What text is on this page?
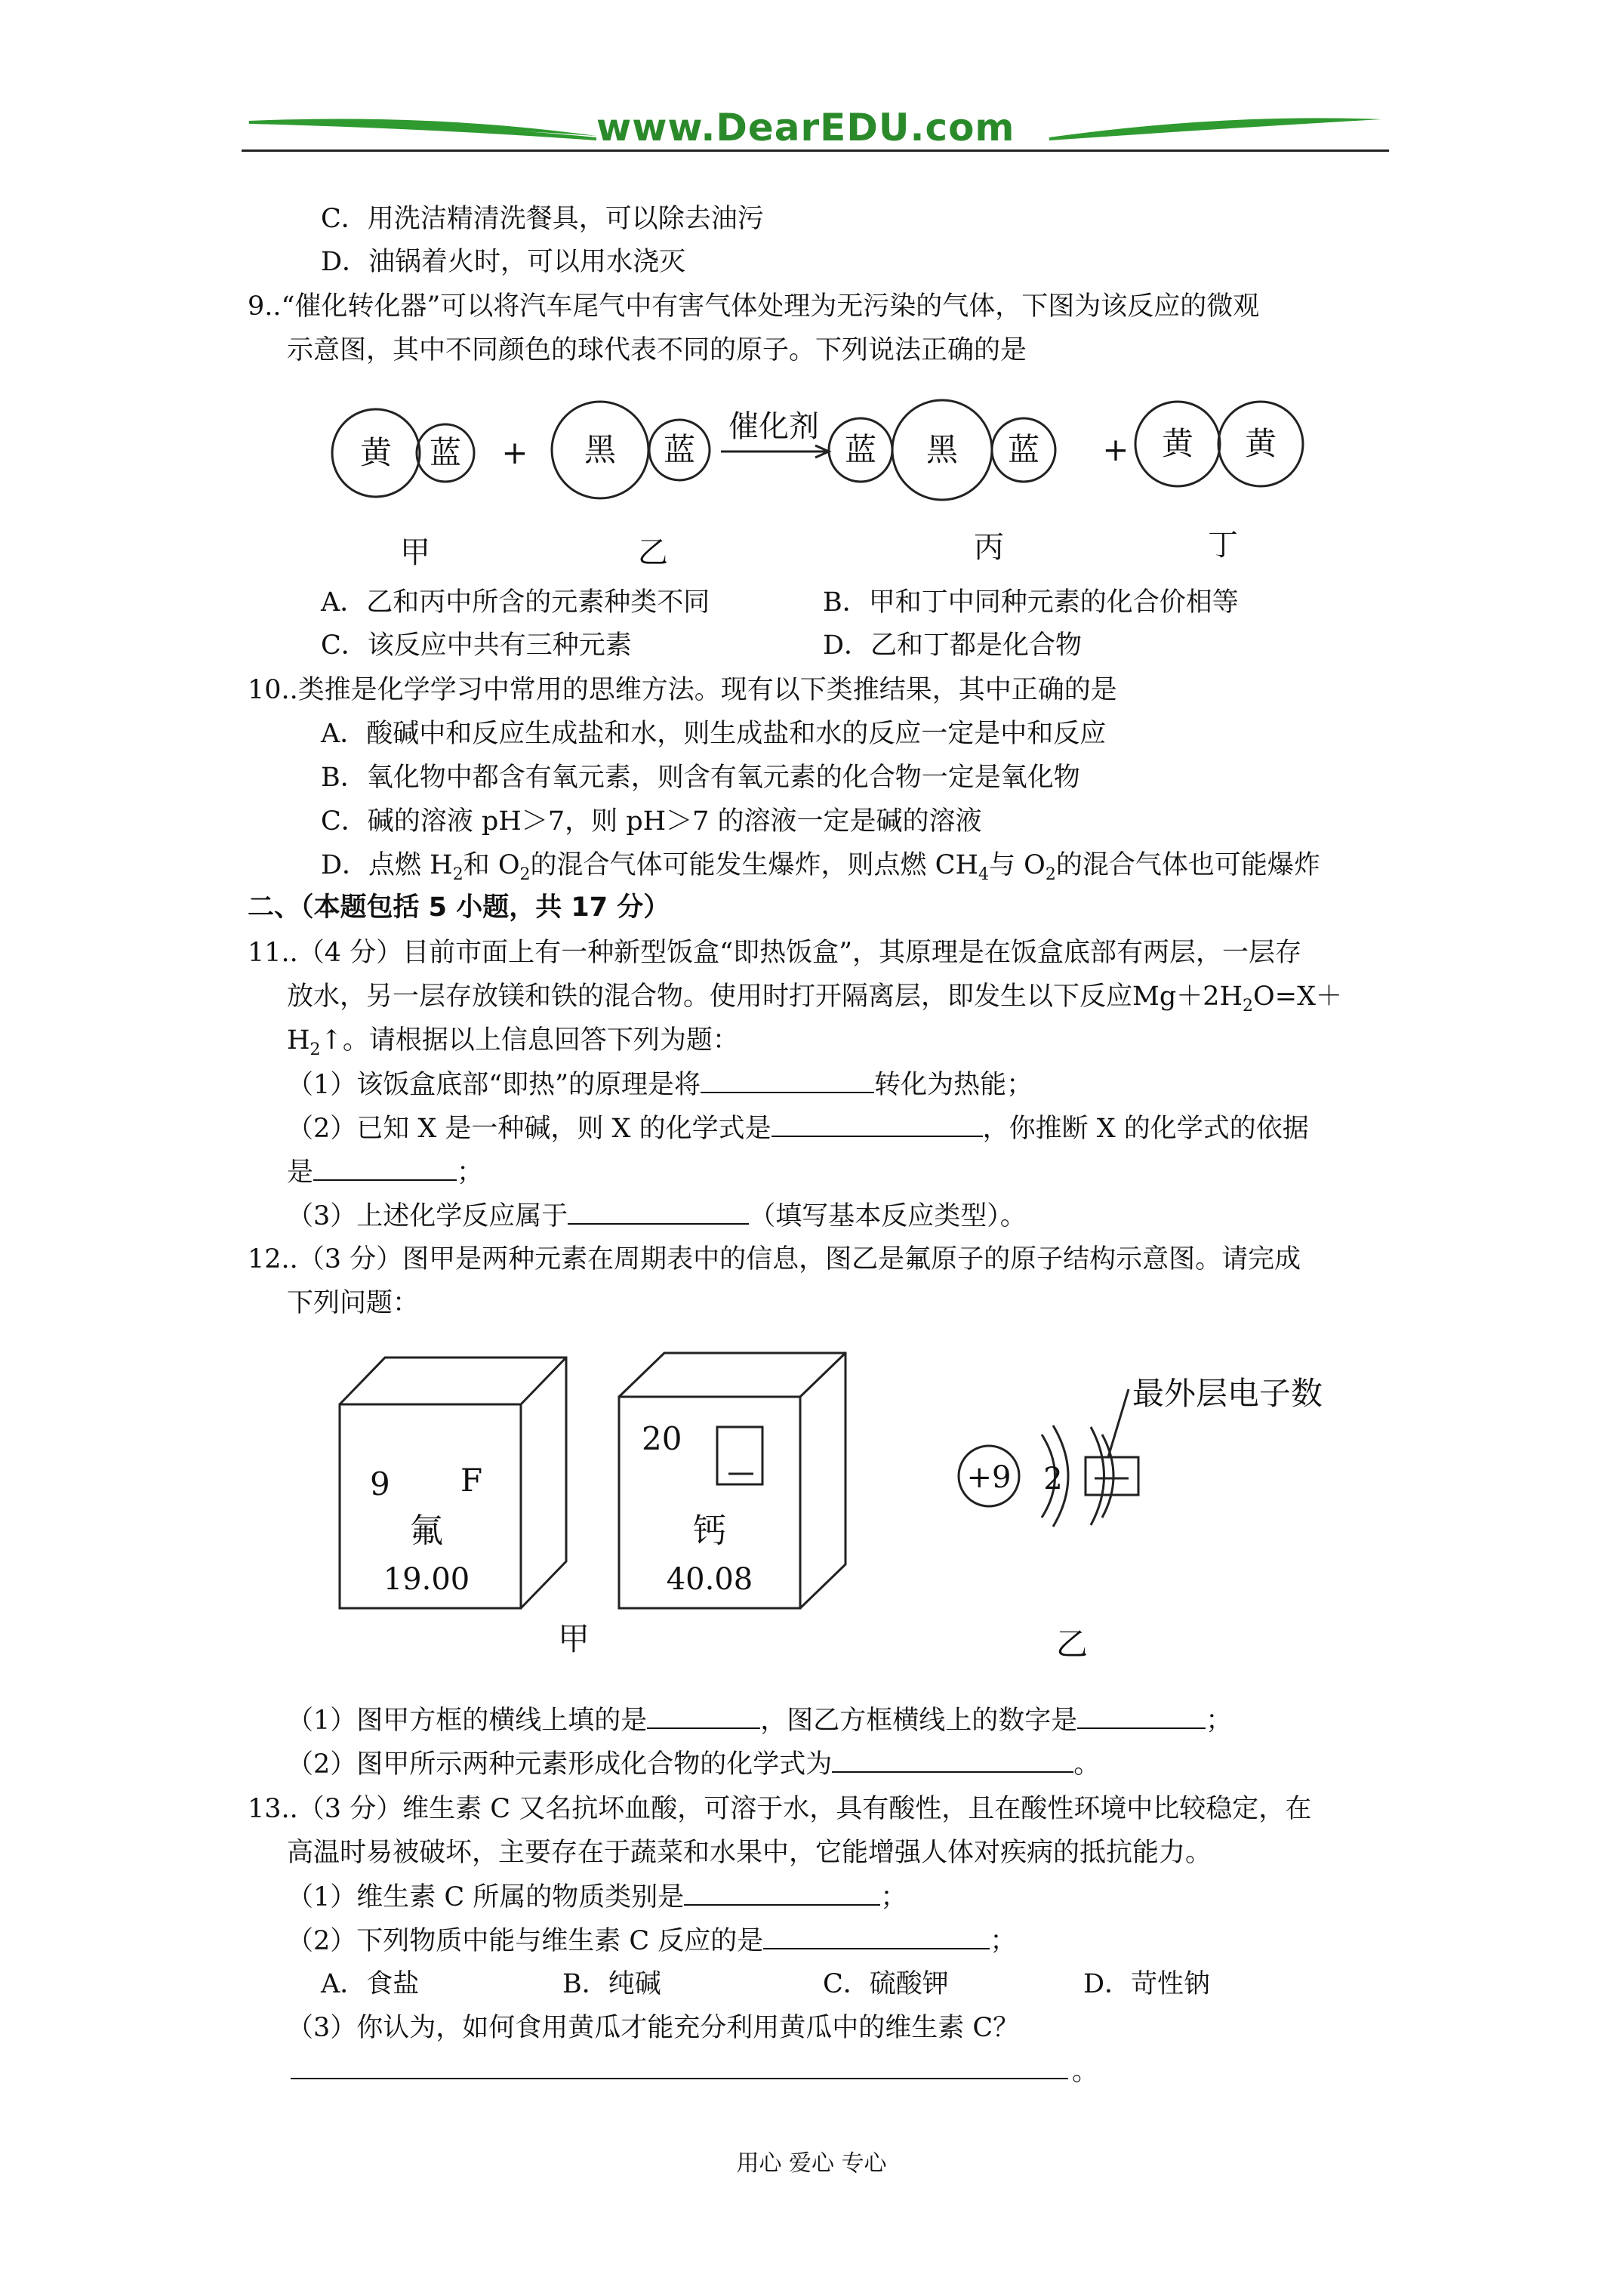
www.DearEDU.com
C．用洗洁精清洗餐具，可以除去油污
D．油锅着火时，可以用水浇灭
9..“催化转化器”可以将汽车尾气中有害气体处理为无污染的气体，下图为该反应的微观
示意图，其中不同颜色的球代表不同的原子。下列说法正确的是
黄 蓝 + 黑 蓝
催化剂
蓝 黑 蓝 + 黄 黄
甲	乙	丙	丁
A．乙和丙中所含的元素种类不同	B．甲和丁中同种元素的化合价相等
C．该反应中共有三种元素	D．乙和丁都是化合物
10..类推是化学学习中常用的思维方法。现有以下类推结果，其中正确的是
A．酸碱中和反应生成盐和水，则生成盐和水的反应一定是中和反应
B．氧化物中都含有氧元素，则含有氧元素的化合物一定是氧化物
C．碱的溶液 pH＞7，则 pH＞7 的溶液一定是碱的溶液
D．点燃 $H_2$和 $O_2$的混合气体可能发生爆炸，则点燃 $CH_4$与 $O_2$的混合气体也可能爆炸
二、（本题包括 5 小题，共 17 分）
11..（4 分）目前市面上有一种新型饭盒“即热饭盒”，其原理是在饭盒底部有两层，一层存
放水，另一层存放镁和铁的混合物。使用时打开隔离层，即发生以下反应$Mg+2H_2O=X+$
$H_2↑$。请根据以上信息回答下列为题：
（1）该饭盒底部“即热”的原理是将	转化为热能；
（2）已知 X 是一种碱，则 X 的化学式是	，你推断 X 的化学式的依据
是	；
（3）上述化学反应属于	（填写基本反应类型）。
12..（3 分）图甲是两种元素在周期表中的信息，图乙是氟原子的原子结构示意图。请完成
下列问题：
9 F
氟
19.00
20
钙
40.08
+9 2
最外层电子数
甲	乙
（1）图甲方框的横线上填的是	，图乙方框横线上的数字是	；
（2）图甲所示两种元素形成化合物的化学式为	。
13..（3 分）维生素 C 又名抗坏血酸，可溶于水，具有酸性，且在酸性环境中比较稳定，在
高温时易被破坏，主要存在于蔬菜和水果中，它能增强人体对疾病的抵抗能力。
（1）维生素 C 所属的物质类别是	；
（2）下列物质中能与维生素 C 反应的是	；
A．食盐	B．纯碱	C．硫酸钾	D．苛性钠
（3）你认为，如何食用黄瓜才能充分利用黄瓜中的维生素 C？
。
用心 爱心 专心
